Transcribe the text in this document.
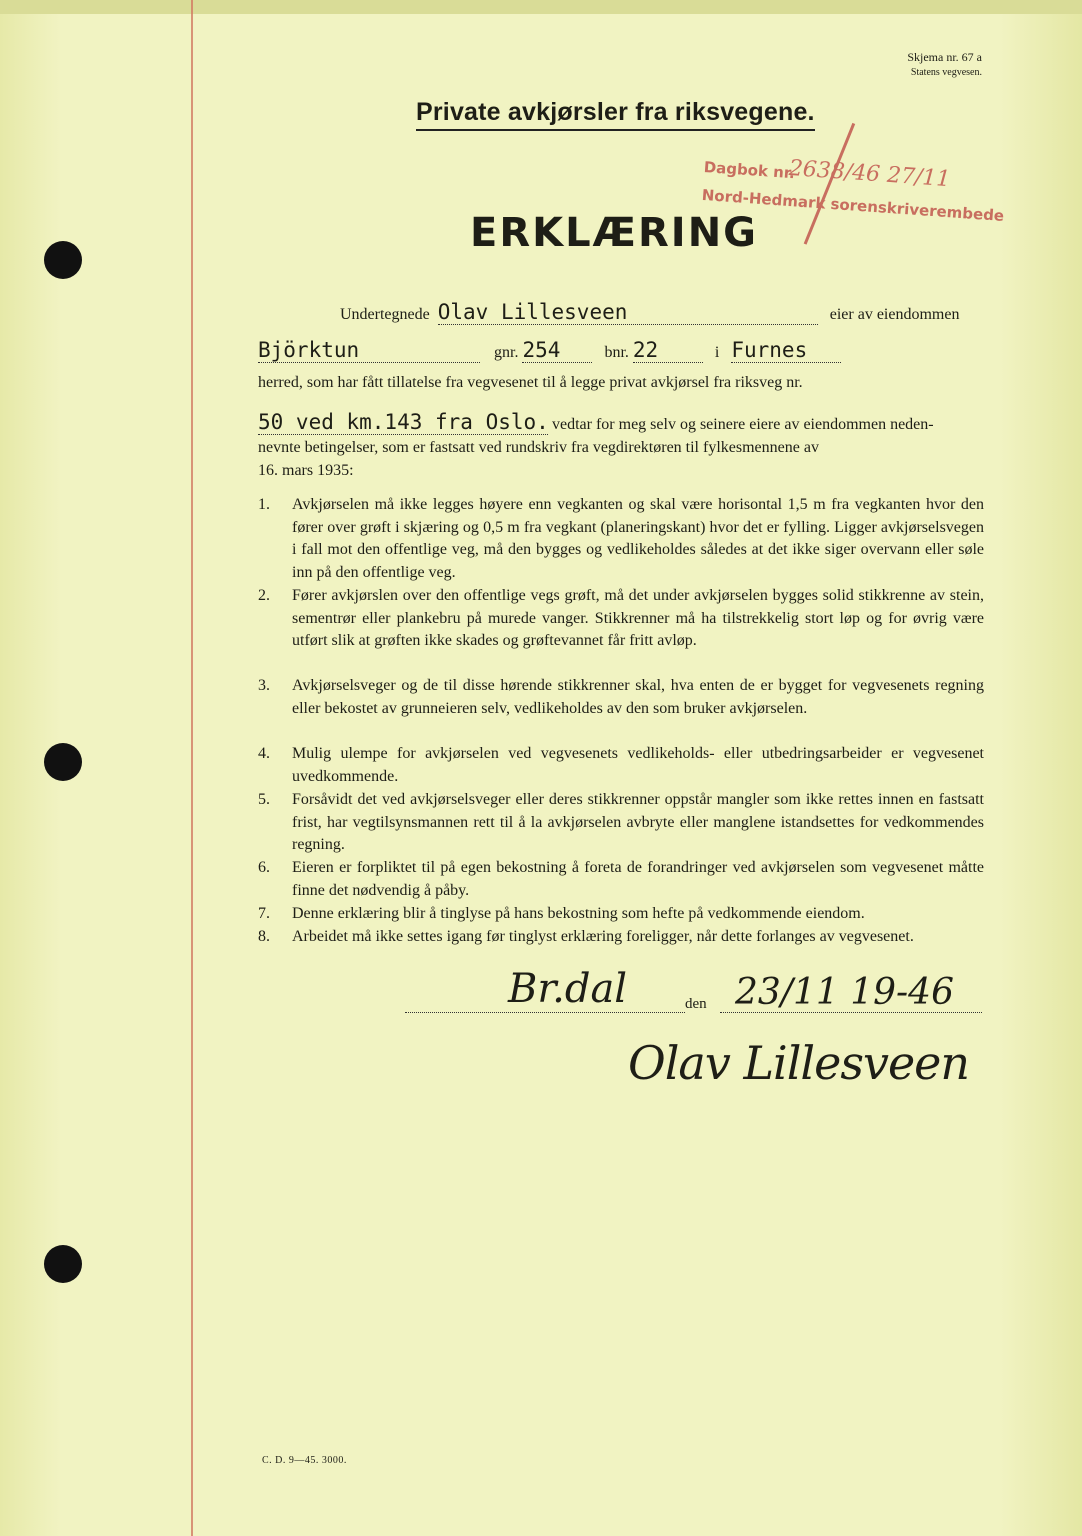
Skjema nr. 67 a
Statens vegvesen.
Private avkjørsler fra riksvegene.
Dagbok nr.
2638/46 27/11
Nord-Hedmark sorenskriverembede
ERKLÆRING
Undertegnede Olav Lillesveen	eier av eiendommen
Björktun	gnr. 254	bnr. 22	i Furnes
herred, som har fått tillatelse fra vegvesenet til å legge privat avkjørsel fra riksveg nr.
50 ved km.143 fra Oslo. vedtar for meg selv og seinere eiere av eiendommen neden-
nevnte betingelser, som er fastsatt ved rundskriv fra vegdirektøren til fylkesmennene av
16. mars 1935:
1.	Avkjørselen må ikke legges høyere enn vegkanten og skal være horisontal 1,5 m fra vegkanten hvor den fører over grøft i skjæring og 0,5 m fra vegkant (planeringskant) hvor det er fylling. Ligger avkjørselsvegen i fall mot den offentlige veg, må den bygges og vedlikeholdes således at det ikke siger overvann eller søle inn på den offentlige veg.
2.	Fører avkjørslen over den offentlige vegs grøft, må det under avkjørselen bygges solid stikkrenne av stein, sementrør eller plankebru på murede vanger. Stikkrenner må ha tilstrekkelig stort løp og for øvrig være utført slik at grøften ikke skades og grøftevannet får fritt avløp.
3.	Avkjørselsveger og de til disse hørende stikkrenner skal, hva enten de er bygget for vegvesenets regning eller bekostet av grunneieren selv, vedlikeholdes av den som bruker avkjørselen.
4.	Mulig ulempe for avkjørselen ved vegvesenets vedlikeholds- eller utbedringsarbeider er vegvesenet uvedkommende.
5.	Forsåvidt det ved avkjørselsveger eller deres stikkrenner oppstår mangler som ikke rettes innen en fastsatt frist, har vegtilsynsmannen rett til å la avkjørselen avbryte eller manglene istandsettes for vedkommendes regning.
6.	Eieren er forpliktet til på egen bekostning å foreta de forandringer ved avkjørselen som vegvesenet måtte finne det nødvendig å påby.
7.	Denne erklæring blir å tinglyse på hans bekostning som hefte på vedkommende eiendom.
8.	Arbeidet må ikke settes igang før tinglyst erklæring foreligger, når dette forlanges av vegvesenet.
Br.dal	den 23/11 19-46
Olav Lillesveen
C. D. 9—45. 3000.
